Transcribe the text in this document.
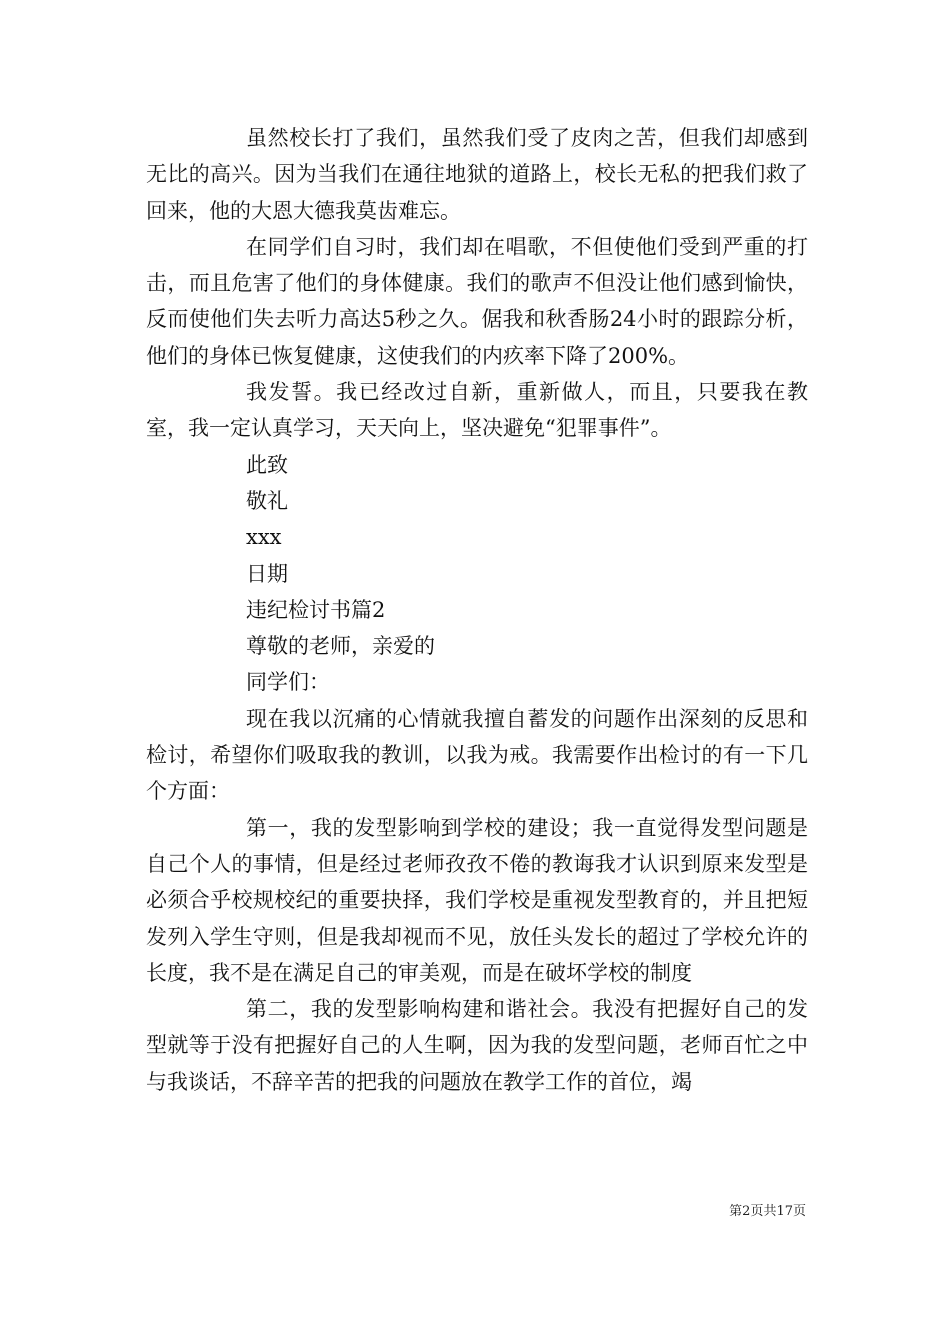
虽然校长打了我们，虽然我们受了皮肉之苦，但我们却感到无比的高兴。因为当我们在通往地狱的道路上，校长无私的把我们救了回来，他的大恩大德我莫齿难忘。

在同学们自习时，我们却在唱歌，不但使他们受到严重的打击，而且危害了他们的身体健康。我们的歌声不但没让他们感到愉快，反而使他们失去听力高达5秒之久。倨我和秋香肠24小时的跟踪分析，他们的身体已恢复健康，这使我们的内疚率下降了200%。

我发誓。我已经改过自新，重新做人，而且，只要我在教室，我一定认真学习，天天向上，坚决避免“犯罪事件”。

此致

敬礼

xxx

日期

违纪检讨书篇2

尊敬的老师，亲爱的

同学们：

现在我以沉痛的心情就我擅自蓄发的问题作出深刻的反思和检讨，希望你们吸取我的教训，以我为戒。我需要作出检讨的有一下几个方面：

第一，我的发型影响到学校的建设；我一直觉得发型问题是自己个人的事情，但是经过老师孜孜不倦的教诲我才认识到原来发型是必须合乎校规校纪的重要抉择，我们学校是重视发型教育的，并且把短发列入学生守则，但是我却视而不见，放任头发长的超过了学校允许的长度，我不是在满足自己的审美观，而是在破坏学校的制度

第二，我的发型影响构建和谐社会。我没有把握好自己的发型就等于没有把握好自己的人生啊，因为我的发型问题，老师百忙之中与我谈话，不辞辛苦的把我的问题放在教学工作的首位，竭

第2页共17页
